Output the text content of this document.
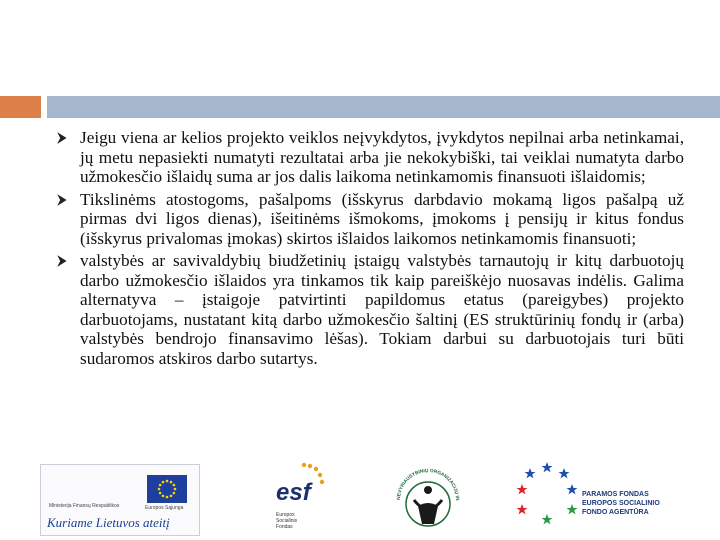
Jeigu viena ar kelios projekto veiklos neįvykdytos, įvykdytos nepilnai arba netinkamai, jų metu nepasiekti numatyti rezultatai arba jie nekokybiški, tai veiklai numatyta darbo užmokesčio išlaidų suma ar jos dalis laikoma netinkamomis finansuoti išlaidomis;
Tikslinėms atostogoms, pašalpoms (išskyrus darbdavio mokamą ligos pašalpą už pirmas dvi ligos dienas), išeitinėms išmokoms, įmokoms į pensijų ir kitus fondus (išskyrus privalomas įmokas) skirtos išlaidos laikomos netinkamomis finansuoti;
valstybės ar savivaldybių biudžetinių įstaigų valstybės tarnautojų ir kitų darbuotojų darbo užmokesčio išlaidos yra tinkamos tik kaip pareiškėjo nuosavas indėlis. Galima alternatyva – įstaigoje patvirtinti papildomus etatus (pareigybes) projekto darbuotojams, nustatant kitą darbo užmokesčio šaltinį (ES struktūrinių fondų ir (arba) valstybės bendrojo finansavimo lėšas). Tokiam darbui su darbuotojais turi būti sudaromos atskiros darbo sutartys.
Ministerija Finansų Respublikos	Europos Sąjunga
Kuriame Lietuvos ateitį
esf
Europos
Socialinis
Fondas
NEVYRIAUSYBINIŲ ORGANIZACIJŲ IN
PARAMOS FONDAS
EUROPOS SOCIALINIO
FONDO AGENTŪRA
